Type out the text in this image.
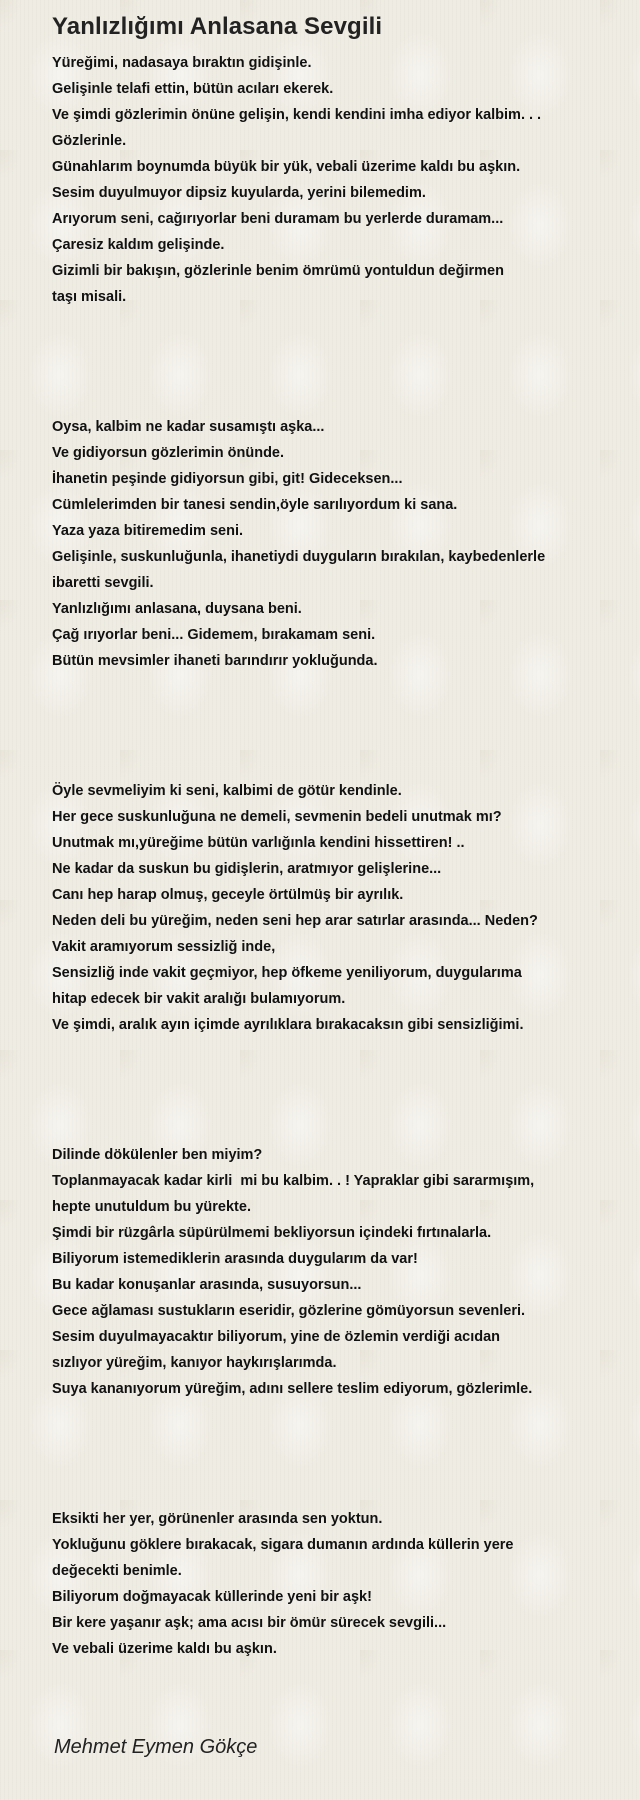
Yanlızlığımı Anlasana Sevgili
Yüreğimi, nadasaya bıraktın gidişinle.
Gelişinle telafi ettin, bütün acıları ekerek.
Ve şimdi gözlerimin önüne gelişin, kendi kendini imha ediyor kalbim. . .
Gözlerinle.
Günahlarım boynumda büyük bir yük, vebali üzerime kaldı bu aşkın.
Sesim duyulmuyor dipsiz kuyularda, yerini bilemedim.
Arıyorum seni, cağırıyorlar beni duramam bu yerlerde duramam...
Çaresiz kaldım gelişinde.
Gizimli bir bakışın, gözlerinle benim ömrümü yontuldun değirmen
taşı misali.
Oysa, kalbim ne kadar susamıştı aşka...
Ve gidiyorsun gözlerimin önünde.
İhanetin peşinde gidiyorsun gibi, git! Gideceksen...
Cümlelerimden bir tanesi sendin,öyle sarılıyordum ki sana.
Yaza yaza bitiremedim seni.
Gelişinle, suskunluğunla, ihanetiydi duyguların bırakılan, kaybedenlerle
ibaretti sevgili.
Yanlızlığımı anlasana, duysana beni.
Çağ ırıyorlar beni... Gidemem, bırakamam seni.
Bütün mevsimler ihaneti barındırır yokluğunda.
Öyle sevmeliyim ki seni, kalbimi de götür kendinle.
Her gece suskunluğuna ne demeli, sevmenin bedeli unutmak mı?
Unutmak mı,yüreğime bütün varlığınla kendini hissettiren! ..
Ne kadar da suskun bu gidişlerin, aratmıyor gelişlerine...
Canı hep harap olmuş, geceyle örtülmüş bir ayrılık.
Neden deli bu yüreğim, neden seni hep arar satırlar arasında... Neden?
Vakit aramıyorum sessizliğ inde,
Sensizliğ inde vakit geçmiyor, hep öfkeme yeniliyorum, duygularıma
hitap edecek bir vakit aralığı bulamıyorum.
Ve şimdi, aralık ayın içimde ayrılıklara bırakacaksın gibi sensizliğimi.
Dilinde dökülenler ben miyim?
Toplanmayacak kadar kirli  mi bu kalbim. . ! Yapraklar gibi sararmışım,
hepte unutuldum bu yürekte.
Şimdi bir rüzgârla süpürülmemi bekliyorsun içindeki fırtınalarla.
Biliyorum istemediklerin arasında duygularım da var!
Bu kadar konuşanlar arasında, susuyorsun...
Gece ağlaması sustukların eseridir, gözlerine gömüyorsun sevenleri.
Sesim duyulmayacaktır biliyorum, yine de özlemin verdiği acıdan
sızlıyor yüreğim, kanıyor haykırışlarımda.
Suya kananıyorum yüreğim, adını sellere teslim ediyorum, gözlerimle.
Eksikti her yer, görünenler arasında sen yoktun.
Yokluğunu göklere bırakacak, sigara dumanın ardında küllerin yere
değecekti benimle.
Biliyorum doğmayacak küllerinde yeni bir aşk!
Bir kere yaşanır aşk; ama acısı bir ömür sürecek sevgili...
Ve vebali üzerime kaldı bu aşkın.
Mehmet Eymen Gökçe
